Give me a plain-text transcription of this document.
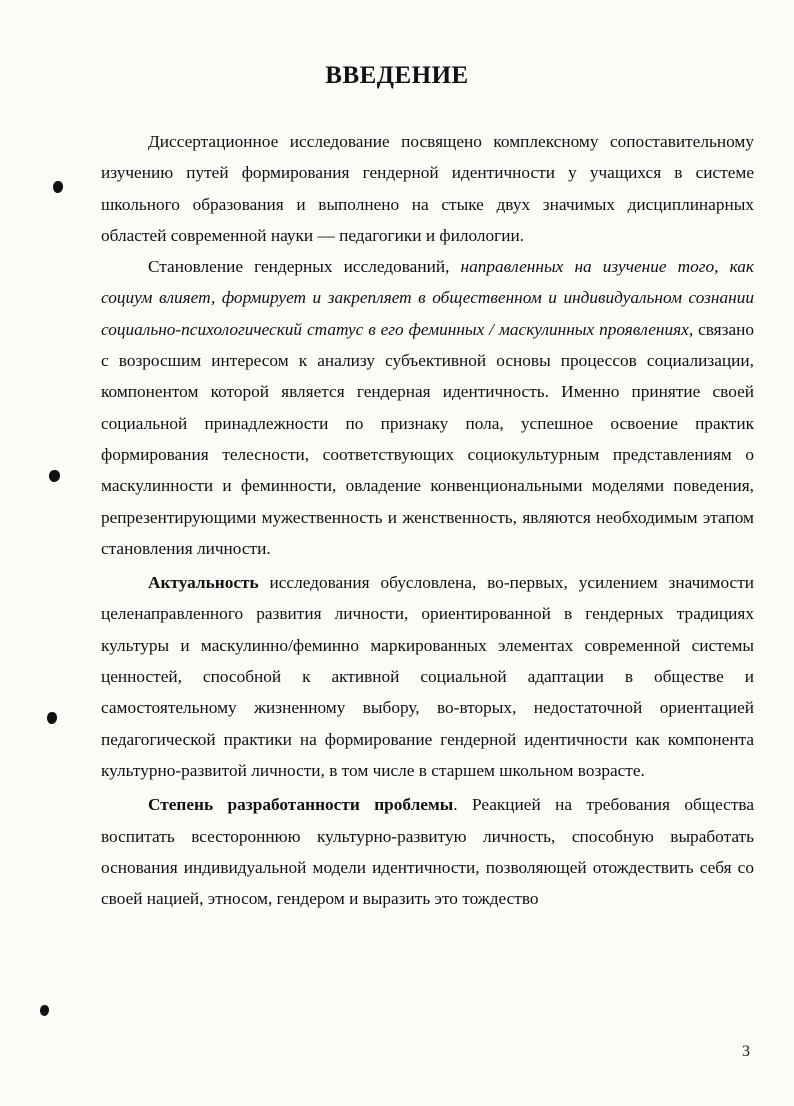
ВВЕДЕНИЕ

Диссертационное исследование посвящено комплексному сопоставительному изучению путей формирования гендерной идентичности у учащихся в системе школьного образования и выполнено на стыке двух значимых дисциплинарных областей современной науки — педагогики и филологии.

Становление гендерных исследований, направленных на изучение того, как социум влияет, формирует и закрепляет в общественном и индивидуальном сознании социально-психологический статус в его феминных / маскулинных проявлениях, связано с возросшим интересом к анализу субъективной основы процессов социализации, компонентом которой является гендерная идентичность. Именно принятие своей социальной принадлежности по признаку пола, успешное освоение практик формирования телесности, соответствующих социокультурным представлениям о маскулинности и феминности, овладение конвенциональными моделями поведения, репрезентирующими мужественность и женственность, являются необходимым этапом становления личности.

Актуальность исследования обусловлена, во-первых, усилением значимости целенаправленного развития личности, ориентированной в гендерных традициях культуры и маскулинно/феминно маркированных элементах современной системы ценностей, способной к активной социальной адаптации в обществе и самостоятельному жизненному выбору, во-вторых, недостаточной ориентацией педагогической практики на формирование гендерной идентичности как компонента культурно-развитой личности, в том числе в старшем школьном возрасте.

Степень разработанности проблемы. Реакцией на требования общества воспитать всестороннюю культурно-развитую личность, способную выработать основания индивидуальной модели идентичности, позволяющей отождествить себя со своей нацией, этносом, гендером и выразить это тождество

3
